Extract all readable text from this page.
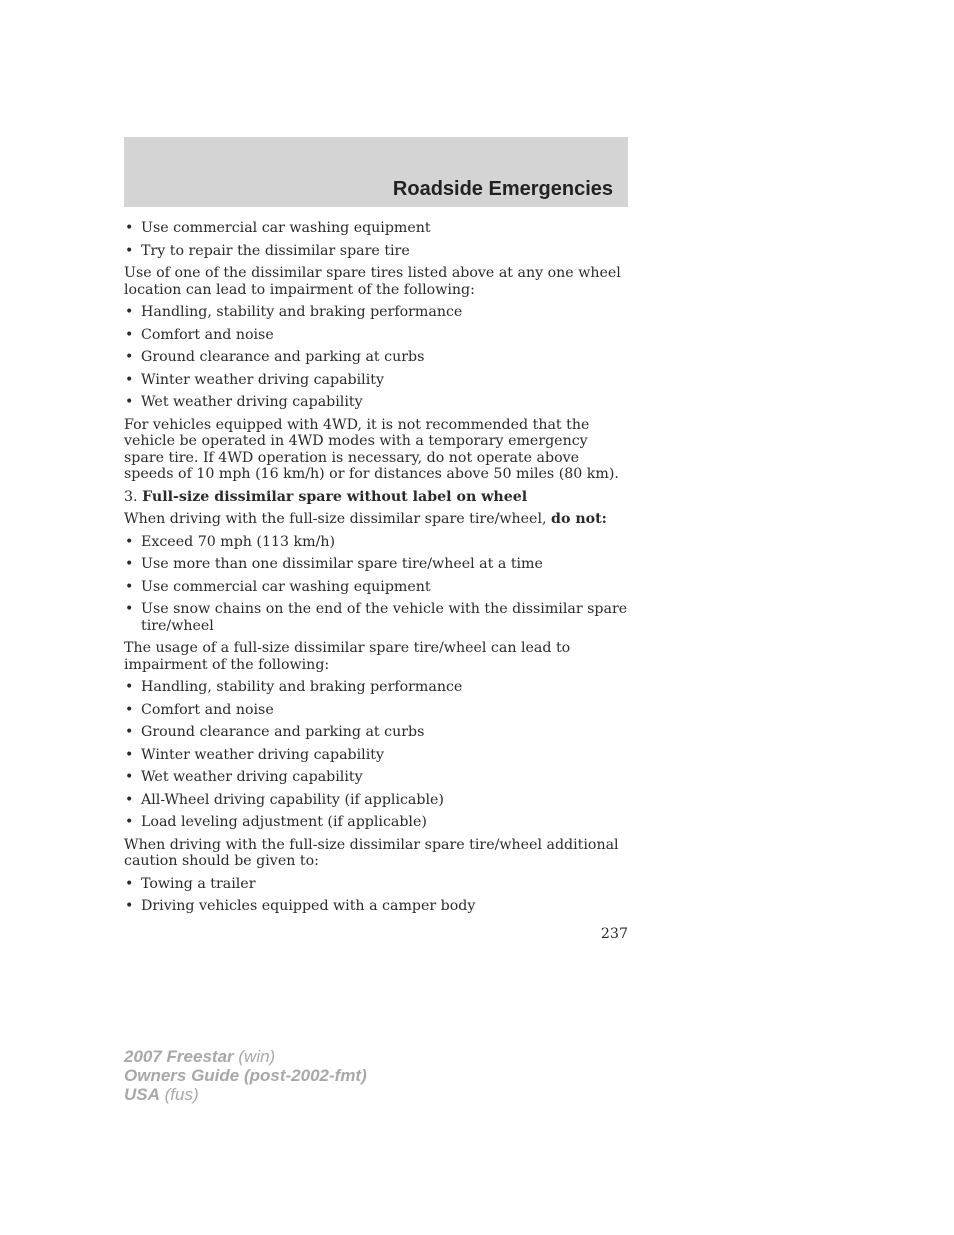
Roadside Emergencies
• Use commercial car washing equipment
• Try to repair the dissimilar spare tire
Use of one of the dissimilar spare tires listed above at any one wheel location can lead to impairment of the following:
• Handling, stability and braking performance
• Comfort and noise
• Ground clearance and parking at curbs
• Winter weather driving capability
• Wet weather driving capability
For vehicles equipped with 4WD, it is not recommended that the vehicle be operated in 4WD modes with a temporary emergency spare tire. If 4WD operation is necessary, do not operate above speeds of 10 mph (16 km/h) or for distances above 50 miles (80 km).
3. Full-size dissimilar spare without label on wheel
When driving with the full-size dissimilar spare tire/wheel, do not:
• Exceed 70 mph (113 km/h)
• Use more than one dissimilar spare tire/wheel at a time
• Use commercial car washing equipment
• Use snow chains on the end of the vehicle with the dissimilar spare tire/wheel
The usage of a full-size dissimilar spare tire/wheel can lead to impairment of the following:
• Handling, stability and braking performance
• Comfort and noise
• Ground clearance and parking at curbs
• Winter weather driving capability
• Wet weather driving capability
• All-Wheel driving capability (if applicable)
• Load leveling adjustment (if applicable)
When driving with the full-size dissimilar spare tire/wheel additional caution should be given to:
• Towing a trailer
• Driving vehicles equipped with a camper body
237
2007 Freestar (win)
Owners Guide (post-2002-fmt)
USA (fus)
